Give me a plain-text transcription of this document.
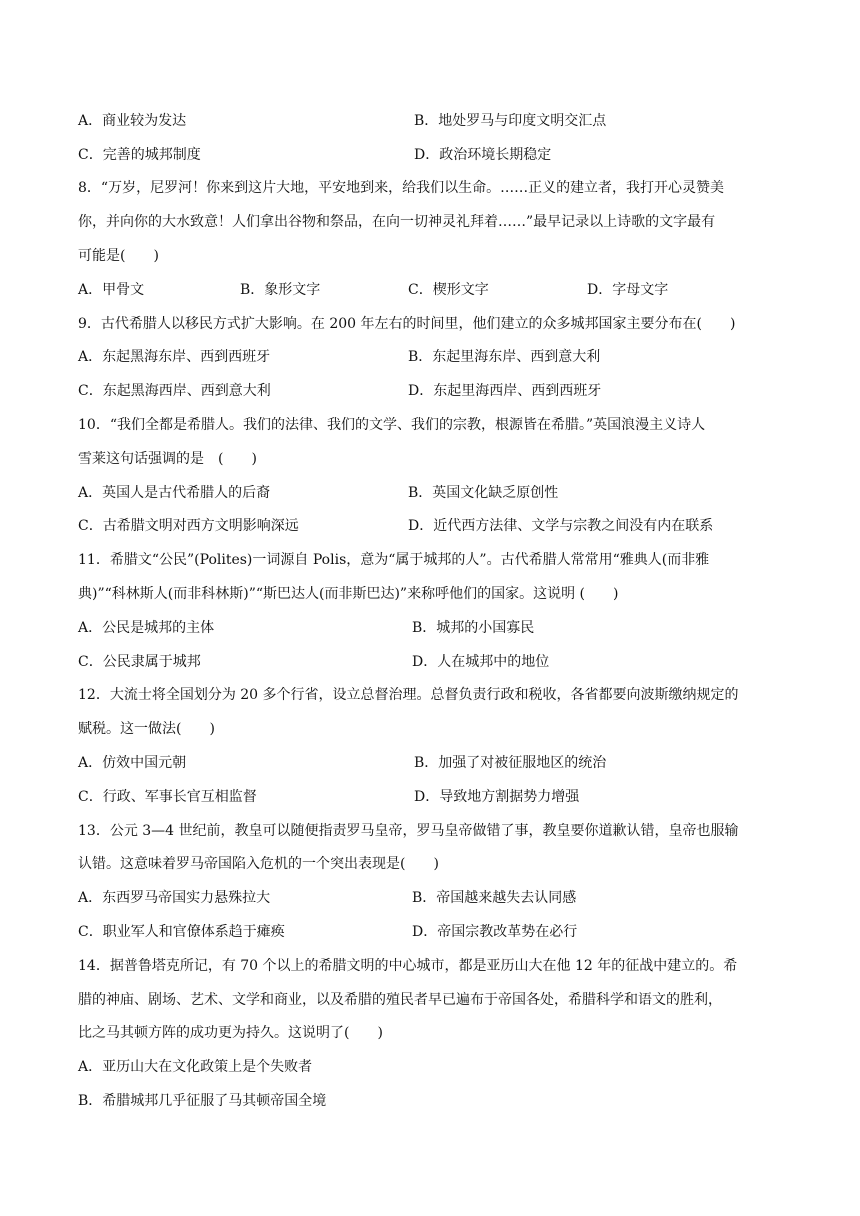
A．商业较为发达	B．地处罗马与印度文明交汇点
C．完善的城邦制度	D．政治环境长期稳定
8．“万岁，尼罗河！你来到这片大地，平安地到来，给我们以生命。……正义的建立者，我打开心灵赞美
你，并向你的大水致意！人们拿出谷物和祭品，在向一切神灵礼拜着……”最早记录以上诗歌的文字最有
可能是(　　)
A．甲骨文	B．象形文字	C．楔形文字	D．字母文字
9．古代希腊人以移民方式扩大影响。在 200 年左右的时间里，他们建立的众多城邦国家主要分布在(　　)
A．东起黑海东岸、西到西班牙	B．东起里海东岸、西到意大利
C．东起黑海西岸、西到意大利	D．东起里海西岸、西到西班牙
10．“我们全都是希腊人。我们的法律、我们的文学、我们的宗教，根源皆在希腊。”英国浪漫主义诗人
雪莱这句话强调的是　(　　)
A．英国人是古代希腊人的后裔	B．英国文化缺乏原创性
C．古希腊文明对西方文明影响深远	D．近代西方法律、文学与宗教之间没有内在联系
11．希腊文“公民”(Polites)一词源自 Polis，意为“属于城邦的人”。古代希腊人常常用“雅典人(而非雅
典)”“科林斯人(而非科林斯)”“斯巴达人(而非斯巴达)”来称呼他们的国家。这说明 (　　)
A．公民是城邦的主体	B．城邦的小国寡民
C．公民隶属于城邦	D．人在城邦中的地位
12．大流士将全国划分为 20 多个行省，设立总督治理。总督负责行政和税收，各省都要向波斯缴纳规定的
赋税。这一做法(　　)
A．仿效中国元朝	B．加强了对被征服地区的统治
C．行政、军事长官互相监督	D．导致地方割据势力增强
13．公元 3—4 世纪前，教皇可以随便指责罗马皇帝，罗马皇帝做错了事，教皇要你道歉认错，皇帝也服输
认错。这意味着罗马帝国陷入危机的一个突出表现是(　　)
A．东西罗马帝国实力悬殊拉大	B．帝国越来越失去认同感
C．职业军人和官僚体系趋于瘫痪	D．帝国宗教改革势在必行
14．据普鲁塔克所记，有 70 个以上的希腊文明的中心城市，都是亚历山大在他 12 年的征战中建立的。希
腊的神庙、剧场、艺术、文学和商业，以及希腊的殖民者早已遍布于帝国各处，希腊科学和语文的胜利，
比之马其顿方阵的成功更为持久。这说明了(　　)
A．亚历山大在文化政策上是个失败者
B．希腊城邦几乎征服了马其顿帝国全境
